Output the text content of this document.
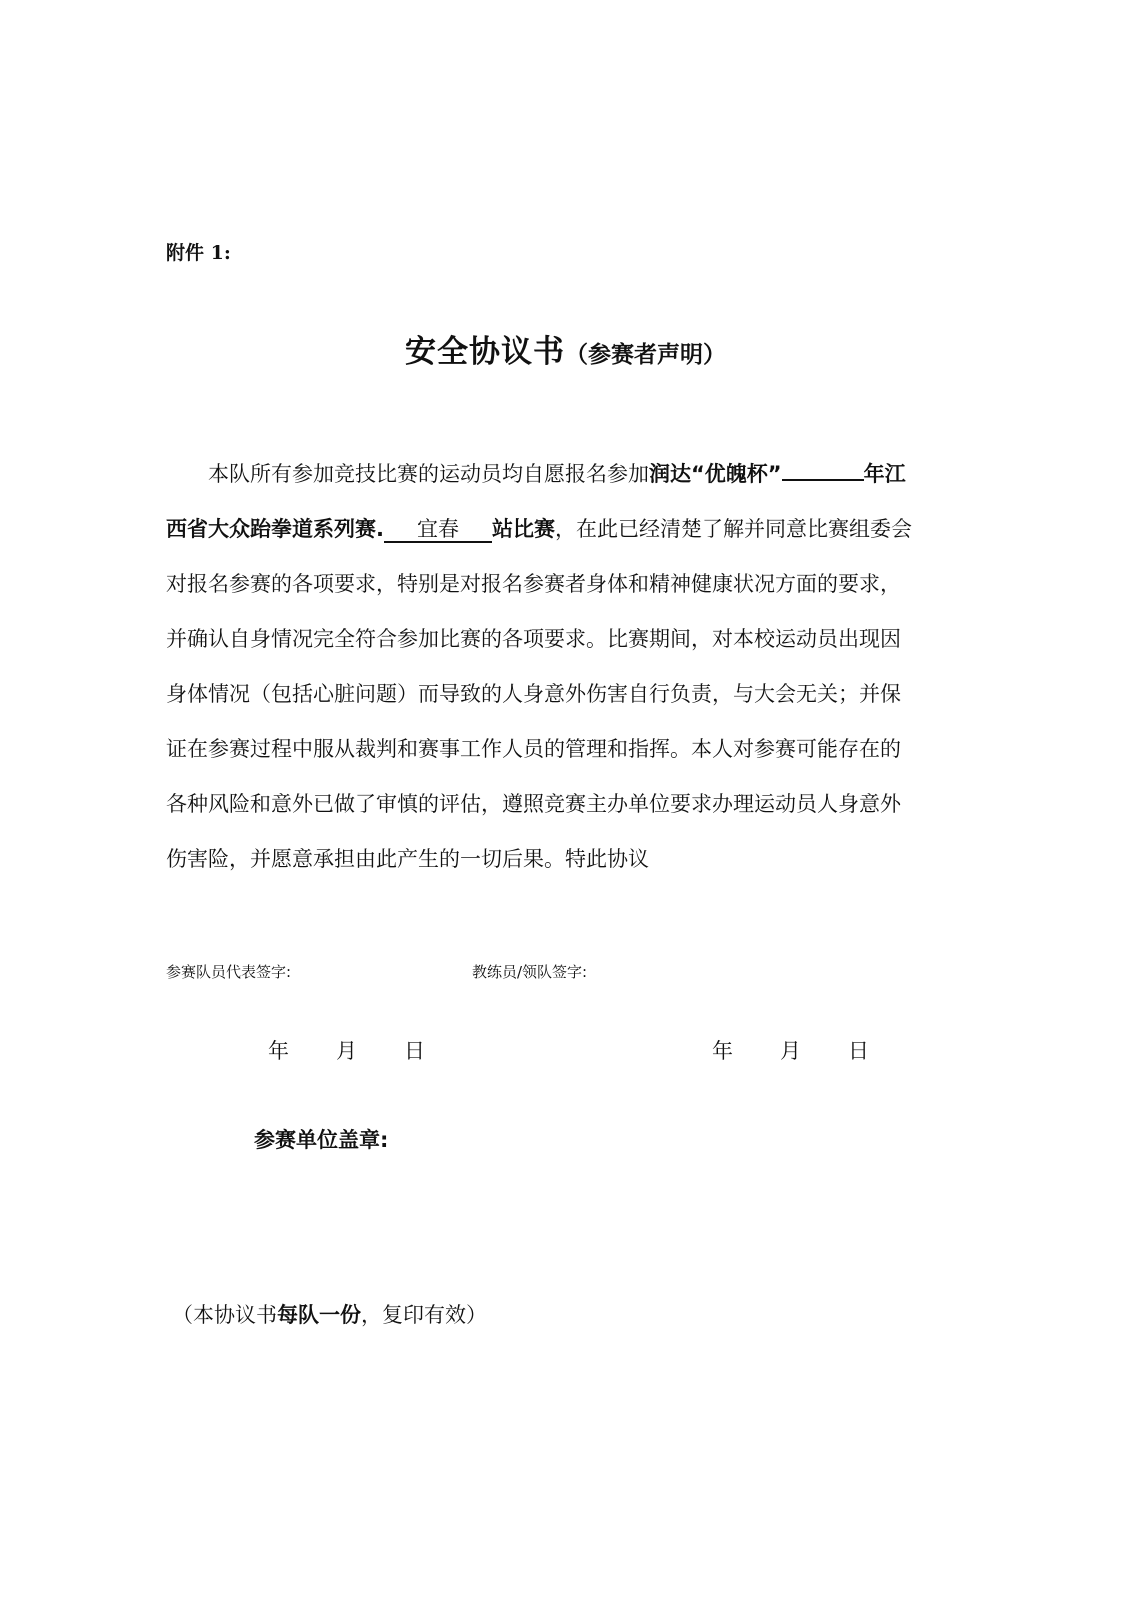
附件 1:
安全协议书（参赛者声明）
本队所有参加竞技比赛的运动员均自愿报名参加润达“优魄杯”	年江
西省大众跆拳道系列赛. 宜春 站比赛，在此已经清楚了解并同意比赛组委会
对报名参赛的各项要求，特别是对报名参赛者身体和精神健康状况方面的要求，
并确认自身情况完全符合参加比赛的各项要求。比赛期间，对本校运动员出现因
身体情况（包括心脏问题）而导致的人身意外伤害自行负责，与大会无关；并保
证在参赛过程中服从裁判和赛事工作人员的管理和指挥。本人对参赛可能存在的
各种风险和意外已做了审慎的评估，遵照竞赛主办单位要求办理运动员人身意外
伤害险，并愿意承担由此产生的一切后果。特此协议
参赛队员代表签字:	教练员/领队签字:
年	月	日	年	月	日
参赛单位盖章:
（本协议书每队一份，复印有效）
